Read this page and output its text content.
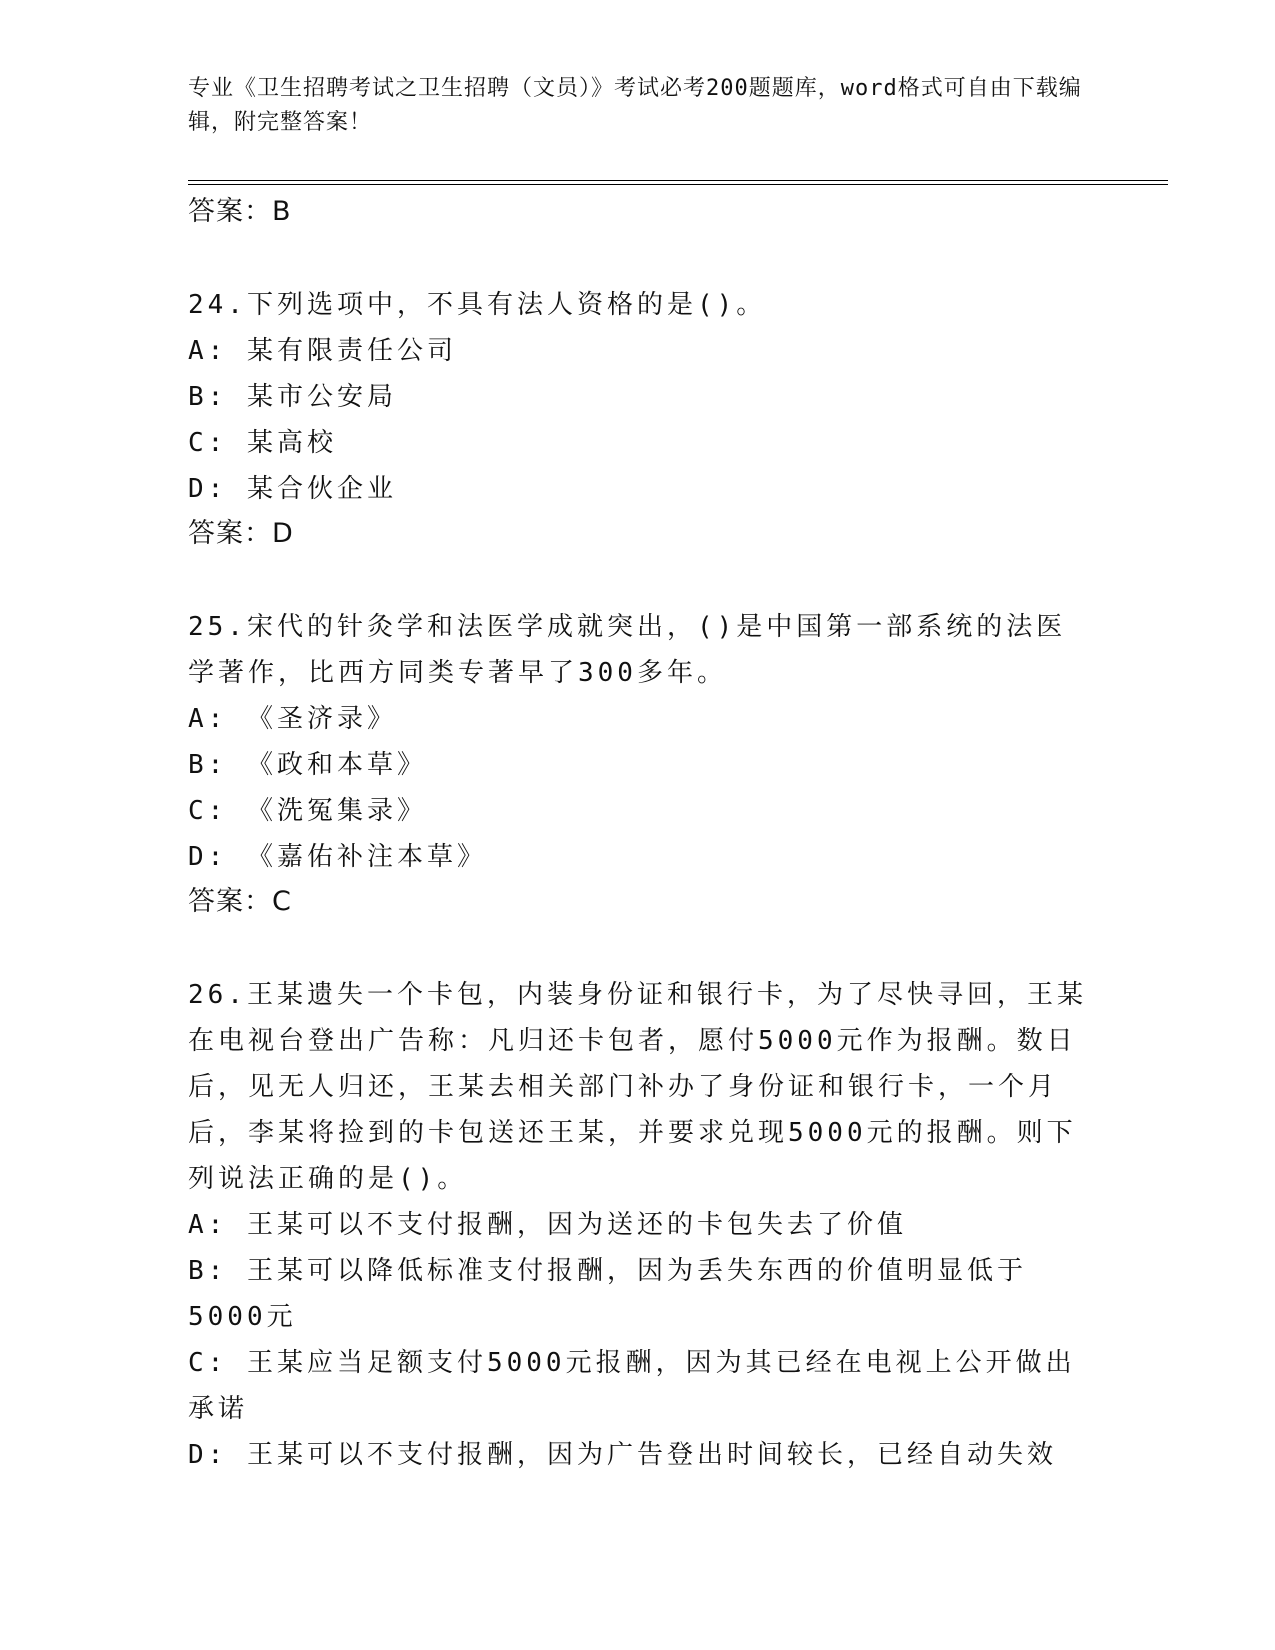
专业《卫生招聘考试之卫生招聘（文员）》考试必考200题题库，word格式可自由下载编辑，附完整答案！

答案：B

24.下列选项中，不具有法人资格的是()。

A: 某有限责任公司

B: 某市公安局

C: 某高校

D: 某合伙企业

答案：D

25.宋代的针灸学和法医学成就突出，()是中国第一部系统的法医学著作，比西方同类专著早了300多年。

A: 《圣济录》

B: 《政和本草》

C: 《洗冤集录》

D: 《嘉佑补注本草》

答案：C

26.王某遗失一个卡包，内装身份证和银行卡，为了尽快寻回，王某在电视台登出广告称：凡归还卡包者，愿付5000元作为报酬。数日后，见无人归还，王某去相关部门补办了身份证和银行卡，一个月后，李某将捡到的卡包送还王某，并要求兑现5000元的报酬。则下列说法正确的是()。

A: 王某可以不支付报酬，因为送还的卡包失去了价值

B: 王某可以降低标准支付报酬，因为丢失东西的价值明显低于5000元

C: 王某应当足额支付5000元报酬，因为其已经在电视上公开做出承诺

D: 王某可以不支付报酬，因为广告登出时间较长，已经自动失效
